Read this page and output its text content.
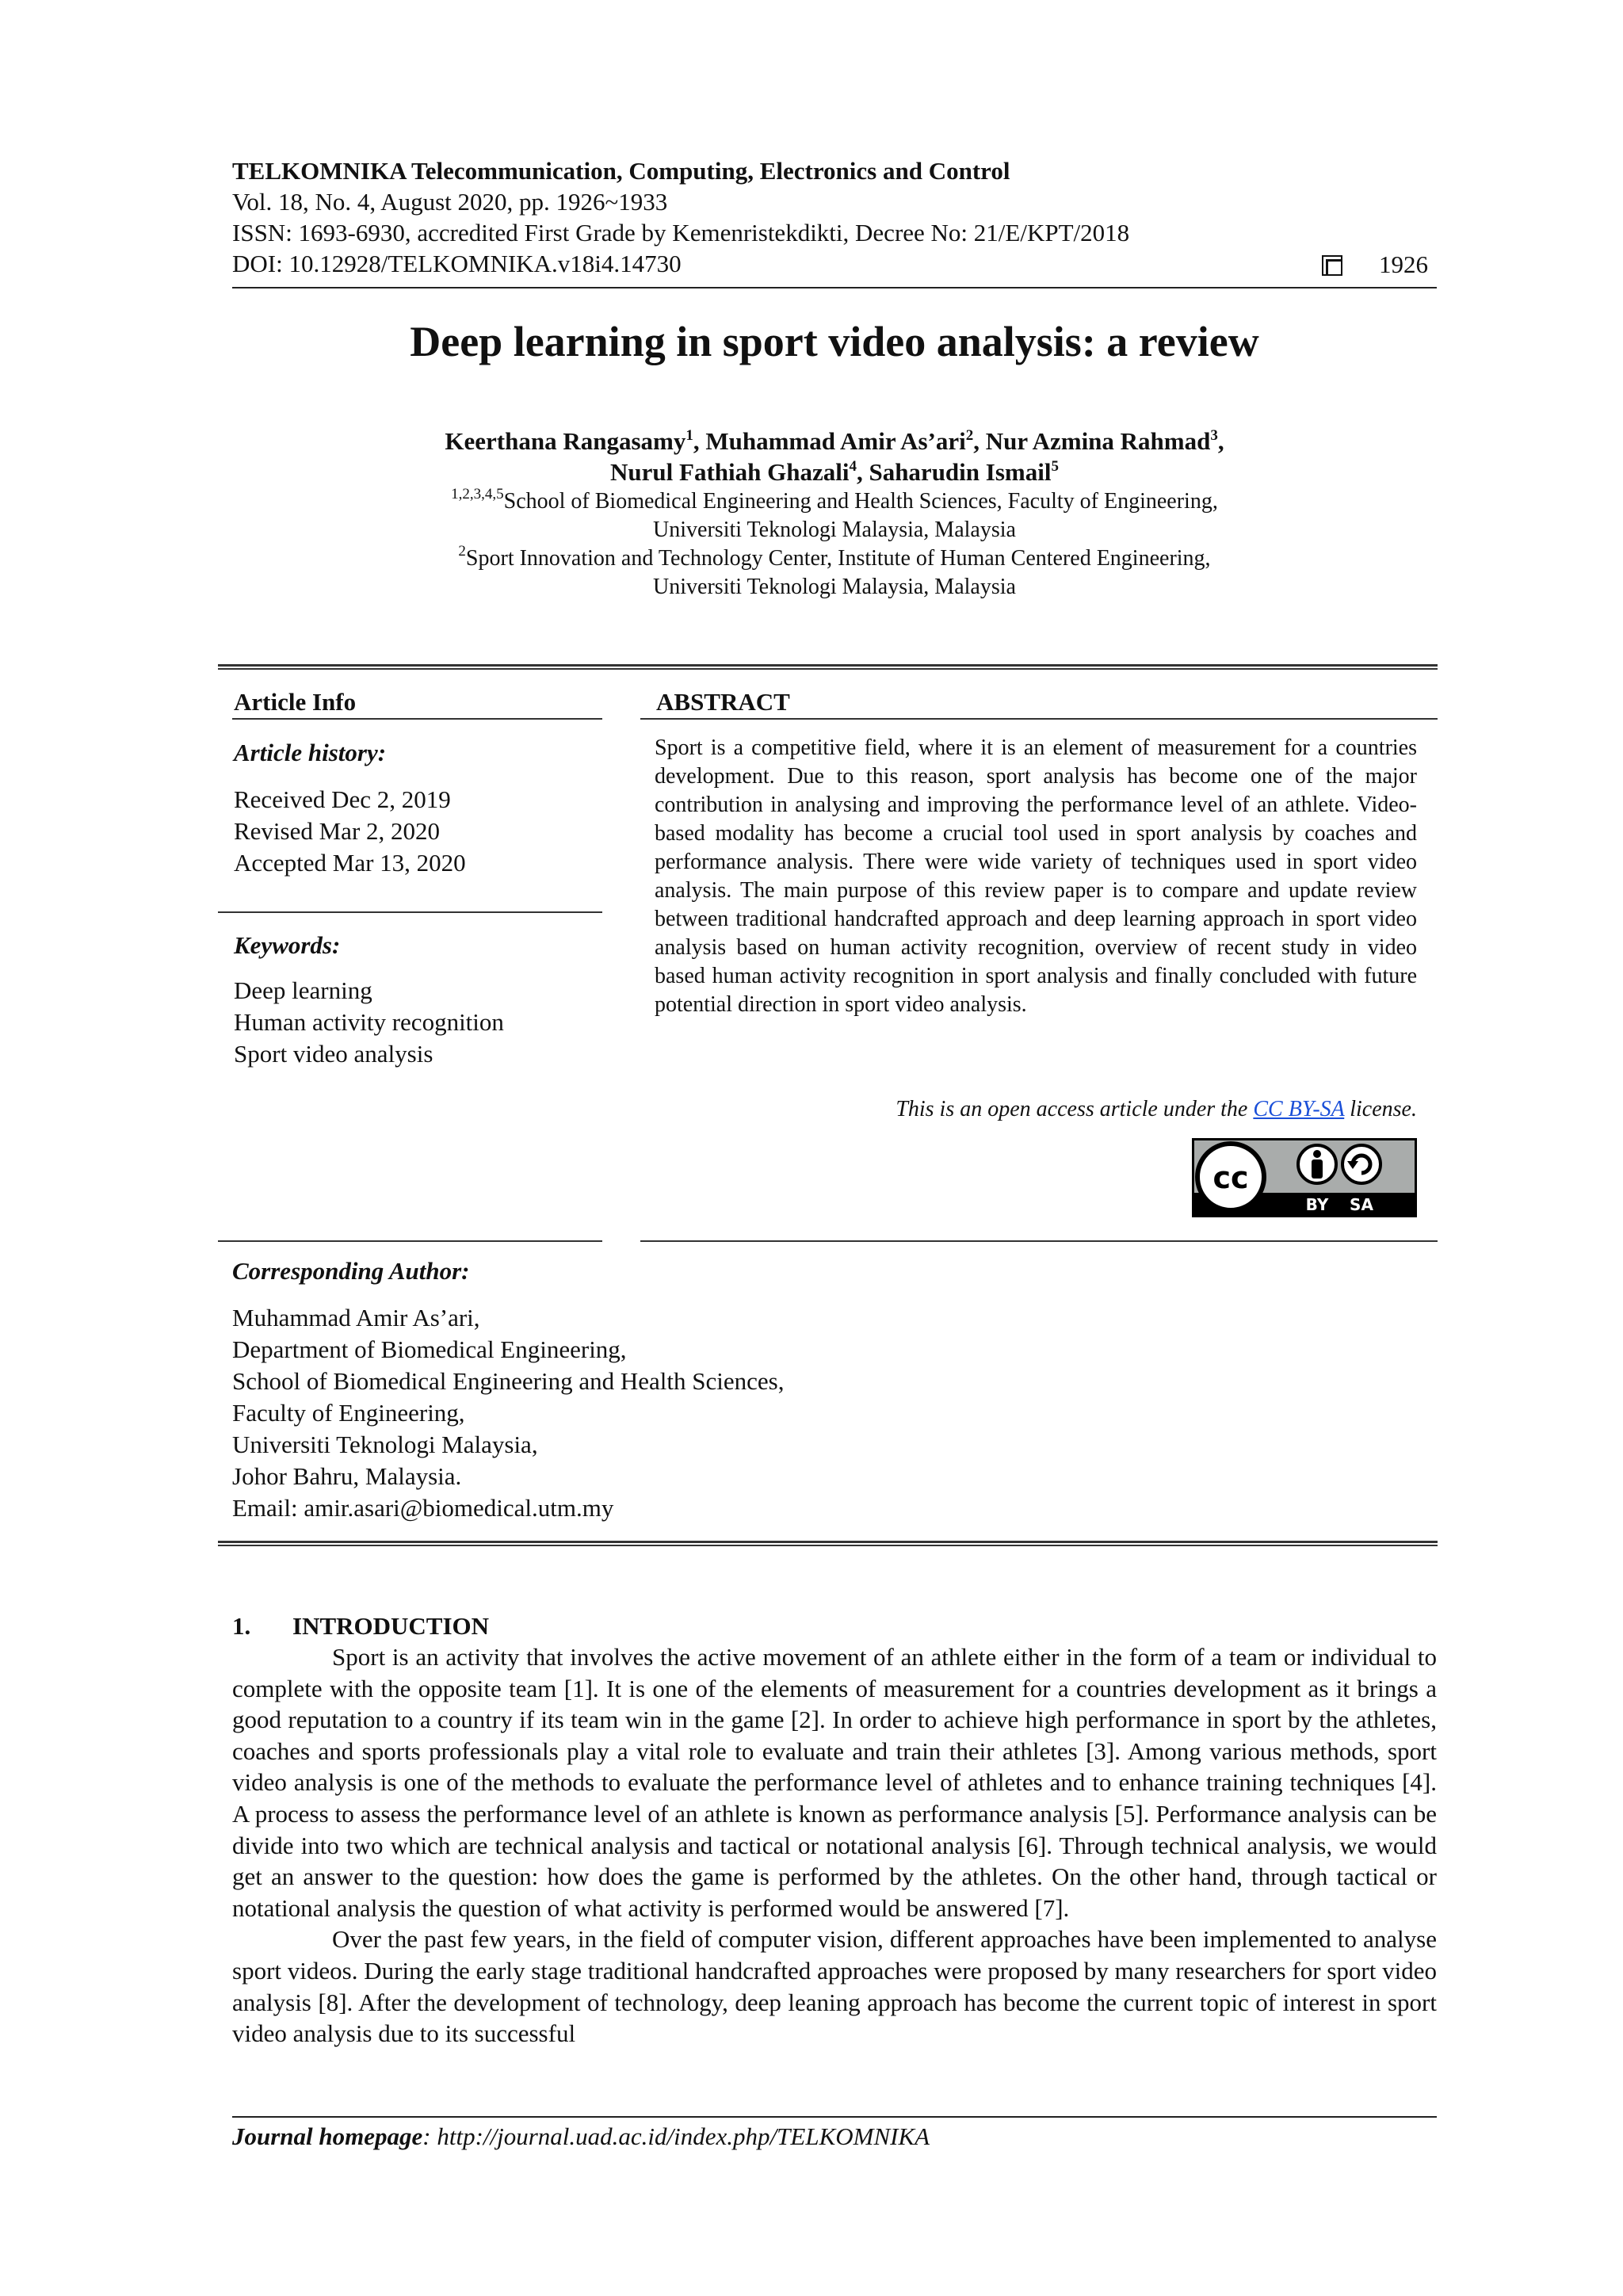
TELKOMNIKA Telecommunication, Computing, Electronics and Control
Vol. 18, No. 4, August 2020, pp. 1926~1933
ISSN: 1693-6930, accredited First Grade by Kemenristekdikti, Decree No: 21/E/KPT/2018
DOI: 10.12928/TELKOMNIKA.v18i4.14730	1926
Deep learning in sport video analysis: a review
Keerthana Rangasamy$^1$, Muhammad Amir As’ari$^2$, Nur Azmina Rahmad$^3$,
Nurul Fathiah Ghazali$^4$, Saharudin Ismail$^5$
$^{1,2,3,4,5}$School of Biomedical Engineering and Health Sciences, Faculty of Engineering,
Universiti Teknologi Malaysia, Malaysia
$^2$Sport Innovation and Technology Center, Institute of Human Centered Engineering,
Universiti Teknologi Malaysia, Malaysia
Article Info
Article history:
Received Dec 2, 2019
Revised Mar 2, 2020
Accepted Mar 13, 2020
Keywords:
Deep learning
Human activity recognition
Sport video analysis
ABSTRACT
Sport is a competitive field, where it is an element of measurement for a countries development. Due to this reason, sport analysis has become one of the major contribution in analysing and improving the performance level of an athlete. Video-based modality has become a crucial tool used in sport analysis by coaches and performance analysis. There were wide variety of techniques used in sport video analysis. The main purpose of this review paper is to compare and update review between traditional handcrafted approach and deep learning approach in sport video analysis based on human activity recognition, overview of recent study in video based human activity recognition in sport analysis and finally concluded with future potential direction in sport video analysis.
This is an open access article under the CC BY-SA license.
cc
BY SA
Corresponding Author:
Muhammad Amir As’ari,
Department of Biomedical Engineering,
School of Biomedical Engineering and Health Sciences,
Faculty of Engineering,
Universiti Teknologi Malaysia,
Johor Bahru, Malaysia.
Email: amir.asari@biomedical.utm.my
1. INTRODUCTION

Sport is an activity that involves the active movement of an athlete either in the form of a team or individual to complete with the opposite team [1]. It is one of the elements of measurement for a countries development as it brings a good reputation to a country if its team win in the game [2]. In order to achieve high performance in sport by the athletes, coaches and sports professionals play a vital role to evaluate and train their athletes [3]. Among various methods, sport video analysis is one of the methods to evaluate the performance level of athletes and to enhance training techniques [4]. A process to assess the performance level of an athlete is known as performance analysis [5]. Performance analysis can be divide into two which are technical analysis and tactical or notational analysis [6]. Through technical analysis, we would get an answer to the question: how does the game is performed by the athletes. On the other hand, through tactical or notational analysis the question of what activity is performed would be answered [7].

Over the past few years, in the field of computer vision, different approaches have been implemented to analyse sport videos. During the early stage traditional handcrafted approaches were proposed by many researchers for sport video analysis [8]. After the development of technology, deep leaning approach has become the current topic of interest in sport video analysis due to its successful

Journal homepage: http://journal.uad.ac.id/index.php/TELKOMNIKA
